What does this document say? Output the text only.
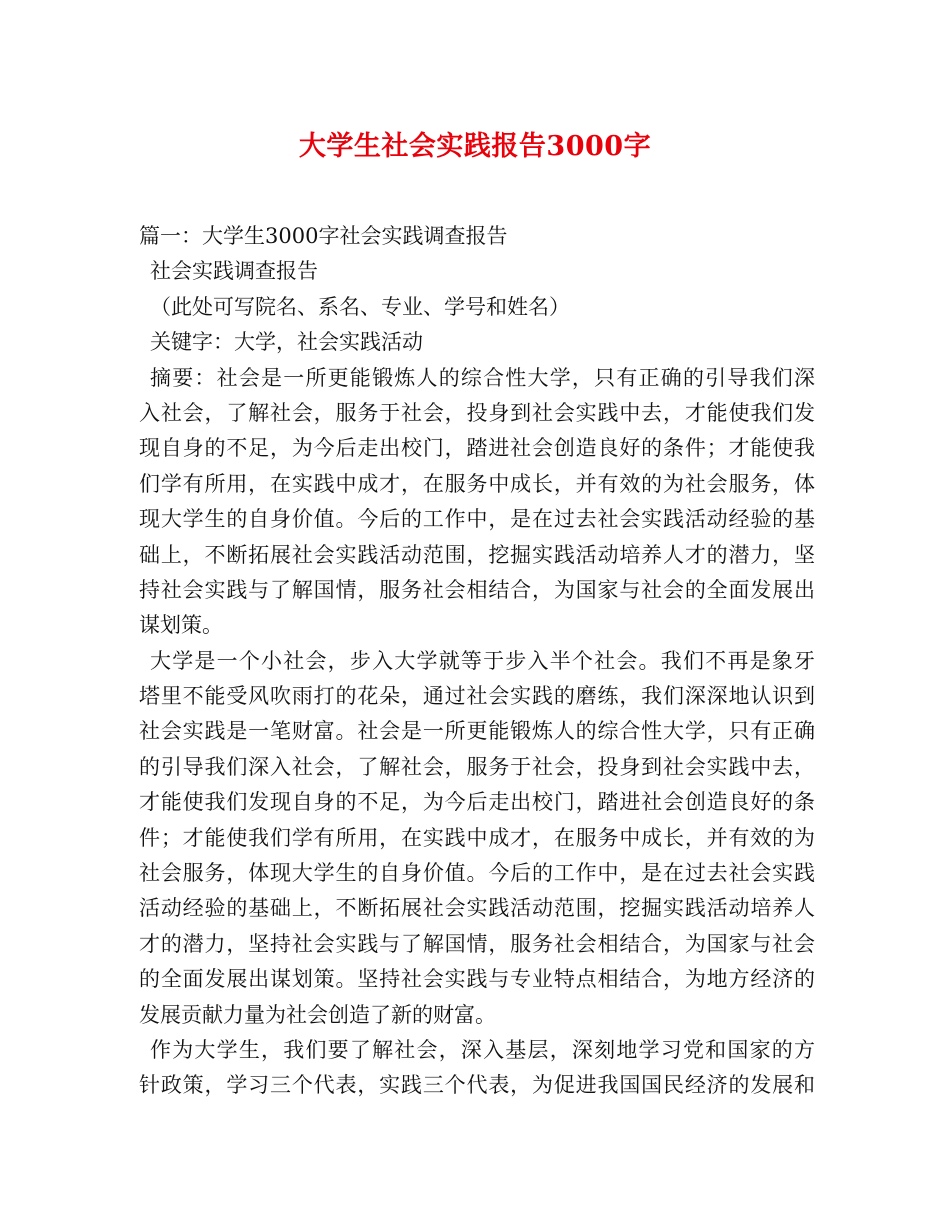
大学生社会实践报告3000字
篇一：大学生3000字社会实践调查报告
社会实践调查报告
（此处可写院名、系名、专业、学号和姓名）
关键字：大学，社会实践活动
摘要：社会是一所更能锻炼人的综合性大学，只有正确的引导我们深
入社会，了解社会，服务于社会，投身到社会实践中去，才能使我们发
现自身的不足，为今后走出校门，踏进社会创造良好的条件；才能使我
们学有所用，在实践中成才，在服务中成长，并有效的为社会服务，体
现大学生的自身价值。今后的工作中，是在过去社会实践活动经验的基
础上，不断拓展社会实践活动范围，挖掘实践活动培养人才的潜力，坚
持社会实践与了解国情，服务社会相结合，为国家与社会的全面发展出
谋划策。
大学是一个小社会，步入大学就等于步入半个社会。我们不再是象牙
塔里不能受风吹雨打的花朵，通过社会实践的磨练，我们深深地认识到
社会实践是一笔财富。社会是一所更能锻炼人的综合性大学，只有正确
的引导我们深入社会，了解社会，服务于社会，投身到社会实践中去，
才能使我们发现自身的不足，为今后走出校门，踏进社会创造良好的条
件；才能使我们学有所用，在实践中成才，在服务中成长，并有效的为
社会服务，体现大学生的自身价值。今后的工作中，是在过去社会实践
活动经验的基础上，不断拓展社会实践活动范围，挖掘实践活动培养人
才的潜力，坚持社会实践与了解国情，服务社会相结合，为国家与社会
的全面发展出谋划策。坚持社会实践与专业特点相结合，为地方经济的
发展贡献力量为社会创造了新的财富。
作为大学生，我们要了解社会，深入基层，深刻地学习党和国家的方
针政策，学习三个代表，实践三个代表，为促进我国国民经济的发展和
